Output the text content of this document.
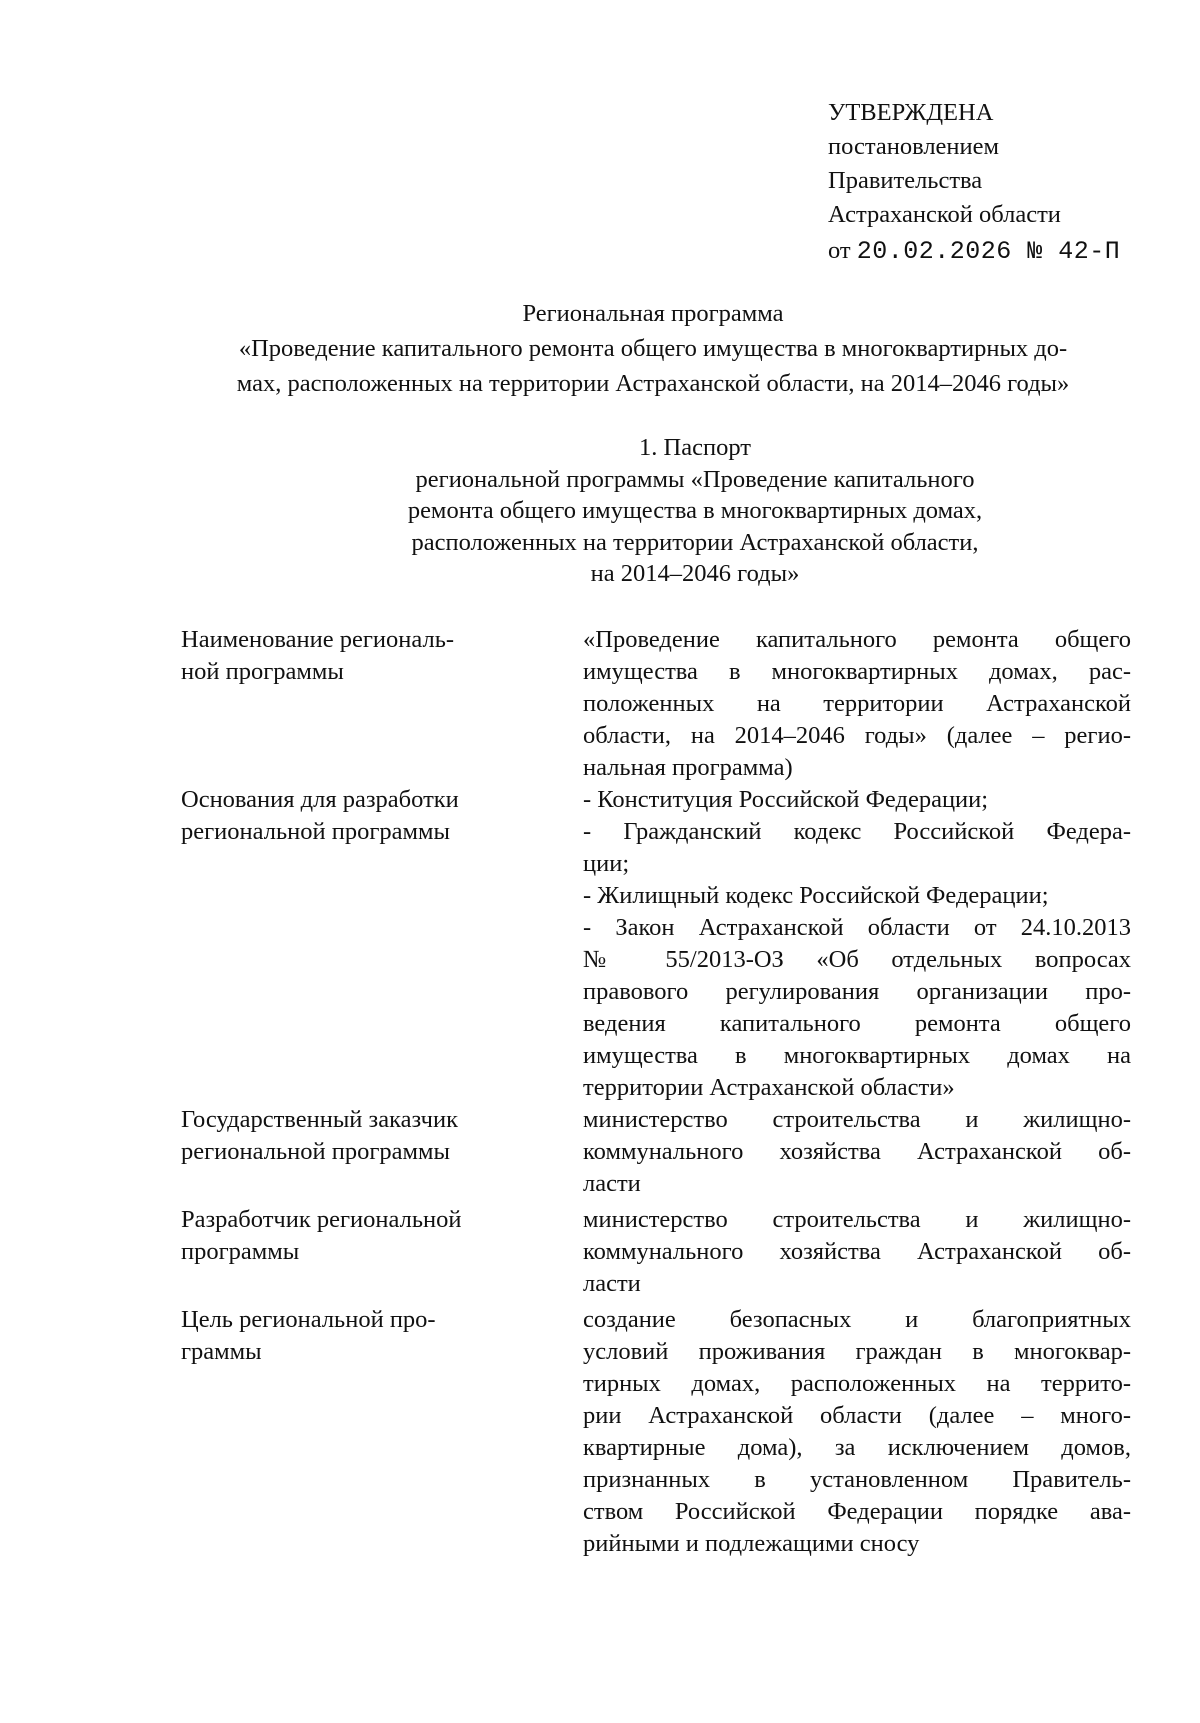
УТВЕРЖДЕНА
постановлением
Правительства
Астраханской области
от 20.02.2026 № 42-П
Региональная программа
«Проведение капитального ремонта общего имущества в многоквартирных до-
мах, расположенных на территории Астраханской области, на 2014–2046 годы»
1. Паспорт
региональной программы «Проведение капитального
ремонта общего имущества в многоквартирных домах,
расположенных на территории Астраханской области,
на 2014–2046 годы»
Наименование региональ-
ной программы
«Проведение капитального ремонта общего
имущества в многоквартирных домах, рас-
положенных на территории Астраханской
области, на 2014–2046 годы» (далее – регио-
нальная программа)
Основания для разработки
региональной программы
- Конституция Российской Федерации;
- Гражданский кодекс Российской Федера-
ции;
- Жилищный кодекс Российской Федерации;
- Закон Астраханской области от 24.10.2013
№ 55/2013-ОЗ «Об отдельных вопросах
правового регулирования организации про-
ведения капитального ремонта общего
имущества в многоквартирных домах на
территории Астраханской области»
Государственный заказчик
региональной программы
министерство строительства и жилищно-
коммунального хозяйства Астраханской об-
ласти
Разработчик региональной
программы
министерство строительства и жилищно-
коммунального хозяйства Астраханской об-
ласти
Цель региональной про-
граммы
создание безопасных и благоприятных
условий проживания граждан в многоквар-
тирных домах, расположенных на террито-
рии Астраханской области (далее – много-
квартирные дома), за исключением домов,
признанных в установленном Правитель-
ством Российской Федерации порядке ава-
рийными и подлежащими сносу
